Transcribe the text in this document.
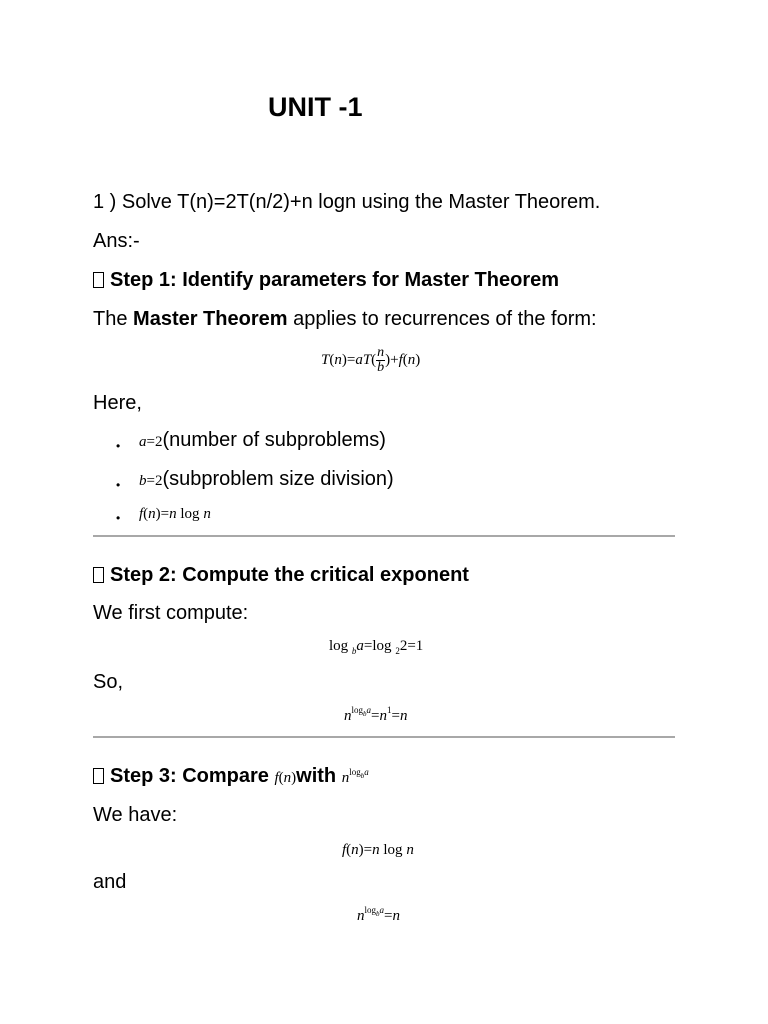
UNIT -1
1 ) Solve T(n)=2T(n/2)+n logn using the Master Theorem.
Ans:-
Step 1: Identify parameters for Master Theorem
The Master Theorem applies to recurrences of the form:
$T(n)=aT( \frac{n}{b} )+f(n)$
Here,
• a=2(number of subproblems)
• b=2(subproblem size division)
• f(n)=n log n
Step 2: Compute the critical exponent
We first compute:
log $_b$a=log $_2$2=1
So,
$n^{log_ba}=n^1=n$
Step 3: Compare f(n)with $n^{log_ba}$
We have:
f(n)=n log n
and
$n^{log_ba}=n$
